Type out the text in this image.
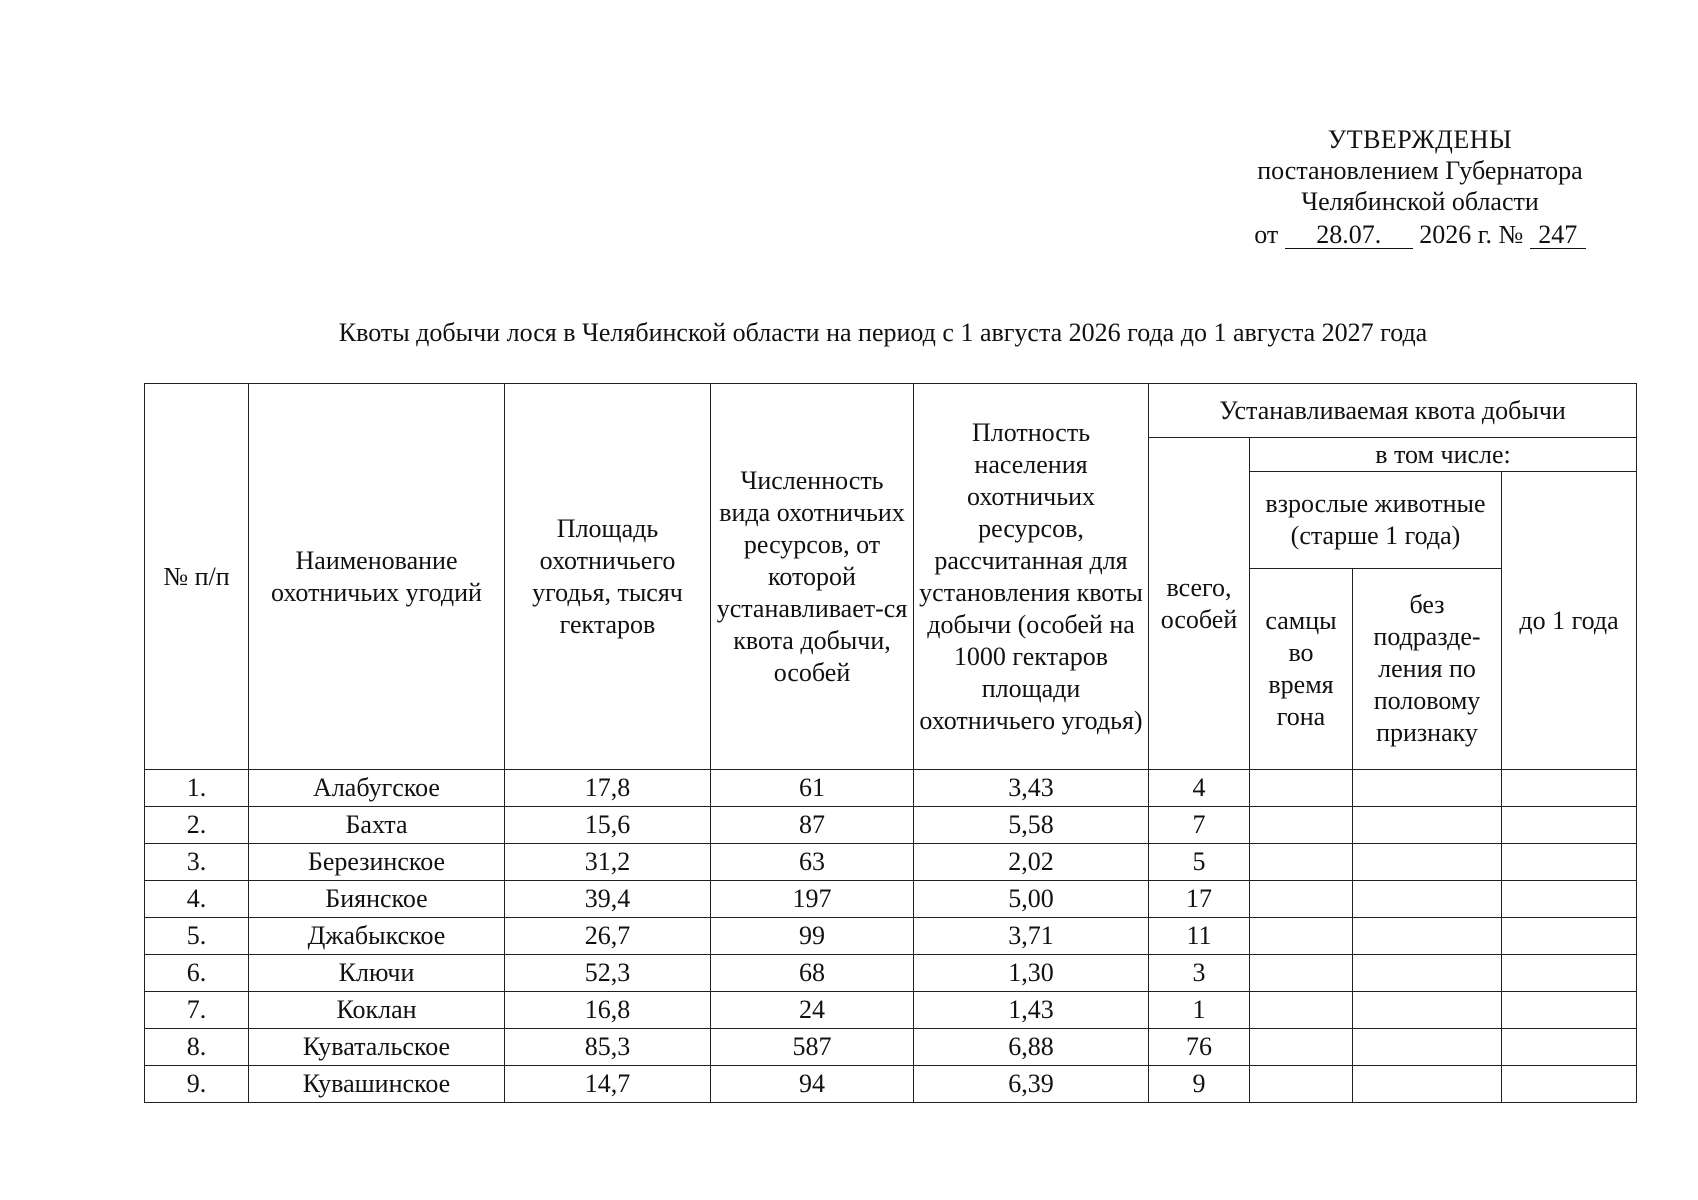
УТВЕРЖДЕНЫ
постановлением Губернатора
Челябинской области
от 28.07. 2026 г. № 247
Квоты добычи лося в Челябинской области на период с 1 августа 2026 года до 1 августа 2027 года
№ п/п	Наименование охотничьих угодий	Площадь охотничьего угодья, тысяч гектаров	Численность вида охотничьих ресурсов, от которой устанавливает-ся квота добычи, особей	Плотность населения охотничьих ресурсов, рассчитанная для установления квоты добычи (особей на 1000 гектаров площади охотничьего угодья)	Устанавливаемая квота добычи			
					всего, особей	в том числе:		
						взрослые животные (старше 1 года)		до 1 года
						самцы во время гона	без подразде-ления по половому признаку	
1.	Алабугское	17,8	61	3,43	4			
2.	Бахта	15,6	87	5,58	7			
3.	Березинское	31,2	63	2,02	5			
4.	Биянское	39,4	197	5,00	17			
5.	Джабыкское	26,7	99	3,71	11			
6.	Ключи	52,3	68	1,30	3			
7.	Коклан	16,8	24	1,43	1			
8.	Куватальское	85,3	587	6,88	76			
9.	Кувашинское	14,7	94	6,39	9			
